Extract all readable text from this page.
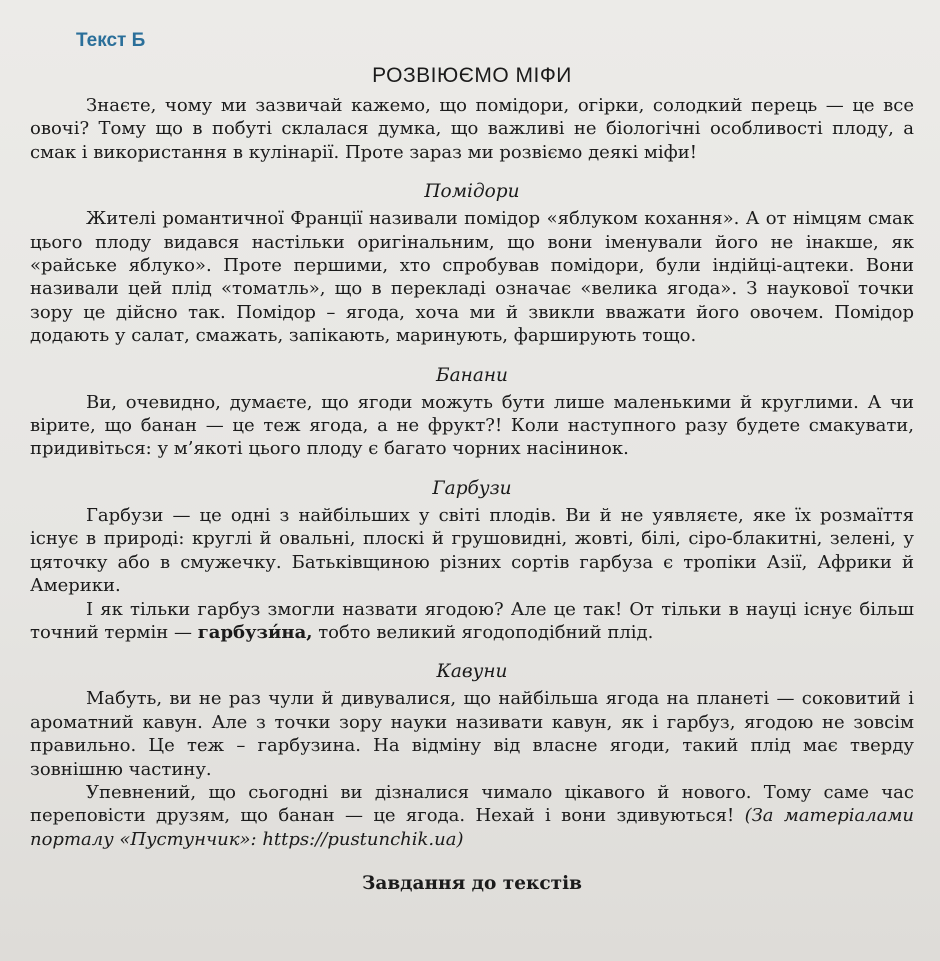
Текст Б
РОЗВІЮЄМО МІФИ

Знаєте, чому ми зазвичай кажемо, що помідори, огірки, солодкий перець — це все овочі? Тому що в побуті склалася думка, що важливі не біологічні особливості плоду, а смак і використання в кулінарії. Проте зараз ми розвіємо деякі міфи!

Помідори

Жителі романтичної Франції називали помідор «яблуком кохання». А от німцям смак цього плоду видався настільки оригінальним, що вони іменували його не інакше, як «райське яблуко». Проте першими, хто спробував помідори, були індійці-ацтеки. Вони називали цей плід «томатль», що в перекладі означає «велика ягода». З наукової точки зору це дійсно так. Помідор – ягода, хоча ми й звикли вважати його овочем. Помідор додають у салат, смажать, запікають, маринують, фарширують тощо.

Банани

Ви, очевидно, думаєте, що ягоди можуть бути лише маленькими й круглими. А чи вірите, що банан — це теж ягода, а не фрукт?! Коли наступного разу будете смакувати, придивіться: у м’якоті цього плоду є багато чорних насінинок.

Гарбузи

Гарбузи — це одні з найбільших у світі плодів. Ви й не уявляєте, яке їх розмаїття існує в природі: круглі й овальні, плоскі й грушовидні, жовті, білі, сіро-блакитні, зелені, у цяточку або в смужечку. Батьківщиною різних сортів гарбуза є тропіки Азії, Африки й Америки.

І як тільки гарбуз змогли назвати ягодою? Але це так! От тільки в науці існує більш точний термін — гарбузи́на, тобто великий ягодоподібний плід.

Кавуни

Мабуть, ви не раз чули й дивувалися, що найбільша ягода на планеті — соковитий і ароматний кавун. Але з точки зору науки називати кавун, як і гарбуз, ягодою не зовсім правильно. Це теж – гарбузина. На відміну від власне ягоди, такий плід має тверду зовнішню частину.

Упевнений, що сьогодні ви дізналися чимало цікавого й нового. Тому саме час переповісти друзям, що банан — це ягода. Нехай і вони здивуються! (За матеріалами порталу «Пустунчик»: https://pustunchik.ua)

Завдання до текстів
